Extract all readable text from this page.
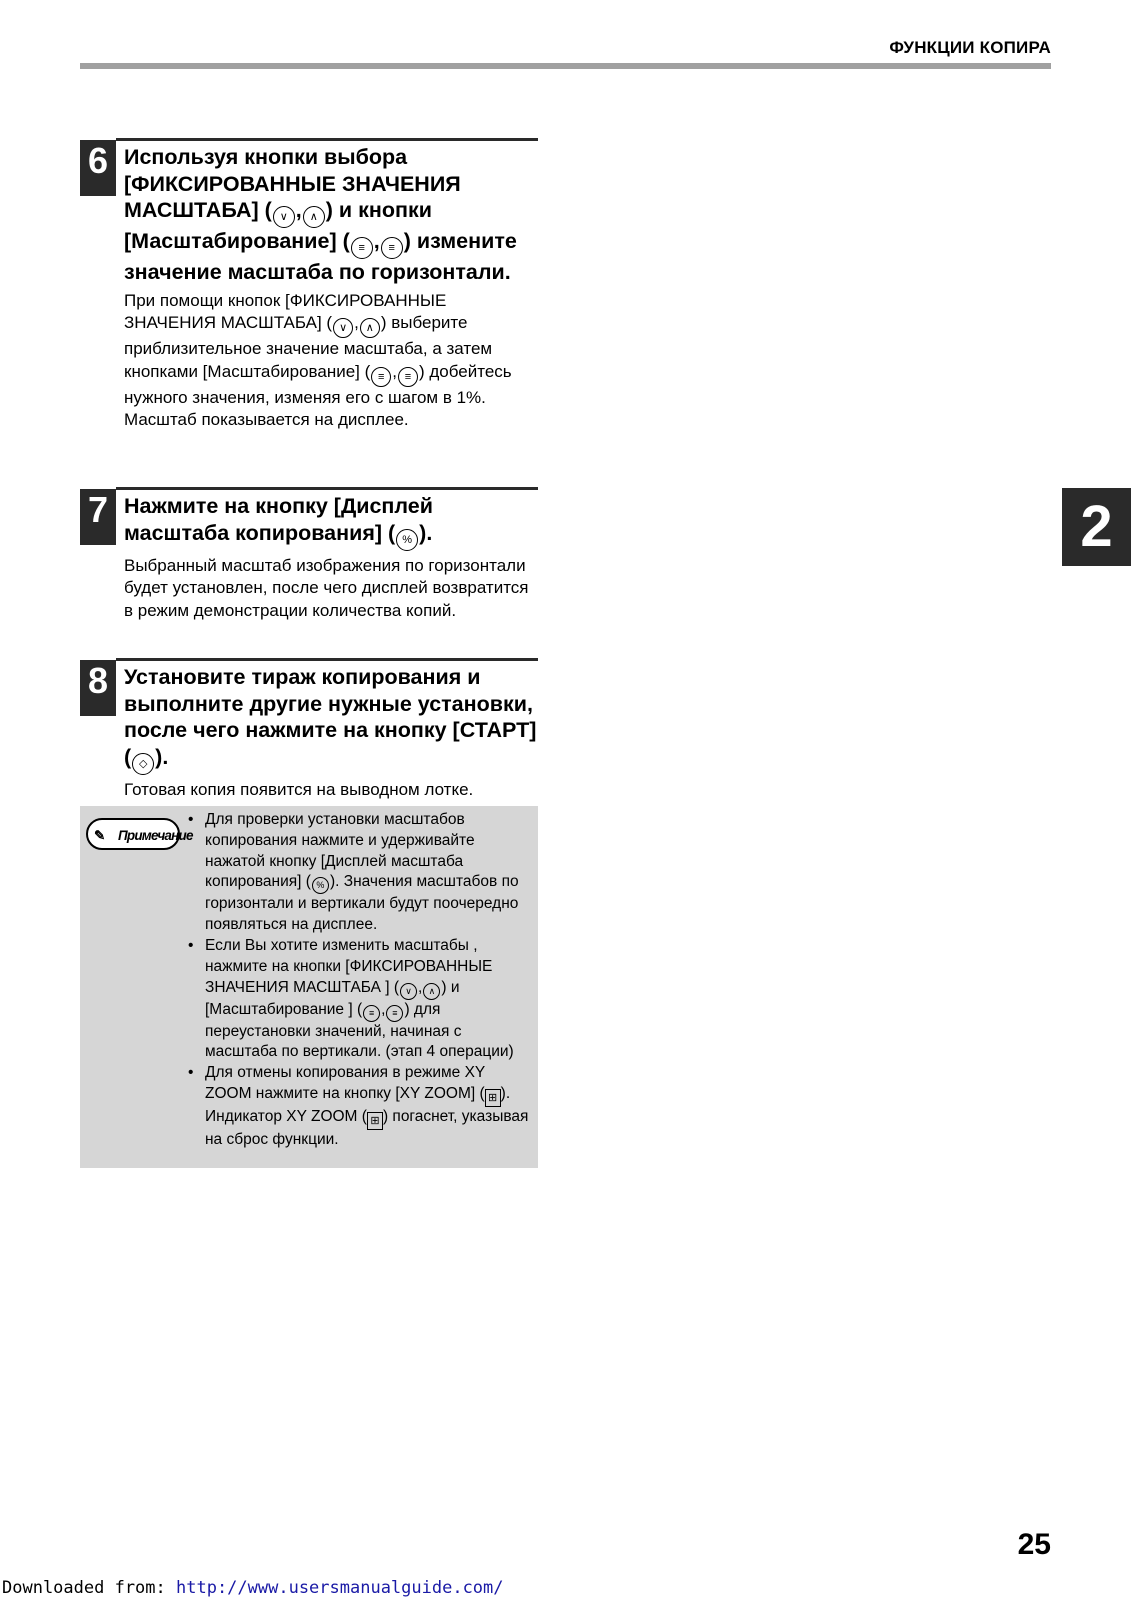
ФУНКЦИИ КОПИРА
6 Используя кнопки выбора [ФИКСИРОВАННЫЕ ЗНАЧЕНИЯ МАСШТАБА] ( ∨ , ∧ ) и кнопки [Масштабирование] ( ≡ , ≡ ) измените значение масштаба по горизонтали.
При помощи кнопок [ФИКСИРОВАННЫЕ ЗНАЧЕНИЯ МАСШТАБА] ( ∨ , ∧ ) выберите приблизительное значение масштаба, а затем кнопками [Масштабирование] ( ≡ , ≡ ) добейтесь нужного значения, изменяя его с шагом в 1%.
Масштаб показывается на дисплее.
7 Нажмите на кнопку [Дисплей масштаба копирования] ( % ).
Выбранный масштаб изображения по горизонтали будет установлен, после чего дисплей возвратится в режим демонстрации количества копий.
8 Установите тираж копирования и выполните другие нужные установки, после чего нажмите на кнопку [СТАРТ] ( ◇ ).
Готовая копия появится на выводном лотке.
✎ Примечание
• Для проверки установки масштабов копирования нажмите и удерживайте нажатой кнопку [Дисплей масштаба копирования] ( % ). Значения масштабов по горизонтали и вертикали будут поочередно появляться на дисплее.
• Если Вы хотите изменить масштабы , нажмите на кнопки [ФИКСИРОВАННЫЕ ЗНАЧЕНИЯ МАСШТАБА ] ( ∨ , ∧ ) и [Масштабирование ] ( ≡ , ≡ ) для переустановки значений, начиная с масштаба по вертикали. (этап 4 операции)
• Для отмены копирования в режиме XY ZOOM нажмите на кнопку [XY ZOOM] ( ⊞ ). Индикатор XY ZOOM ( ⊞ ) погаснет, указывая на сброс функции.
2
25
Downloaded from: http://www.usersmanualguide.com/
